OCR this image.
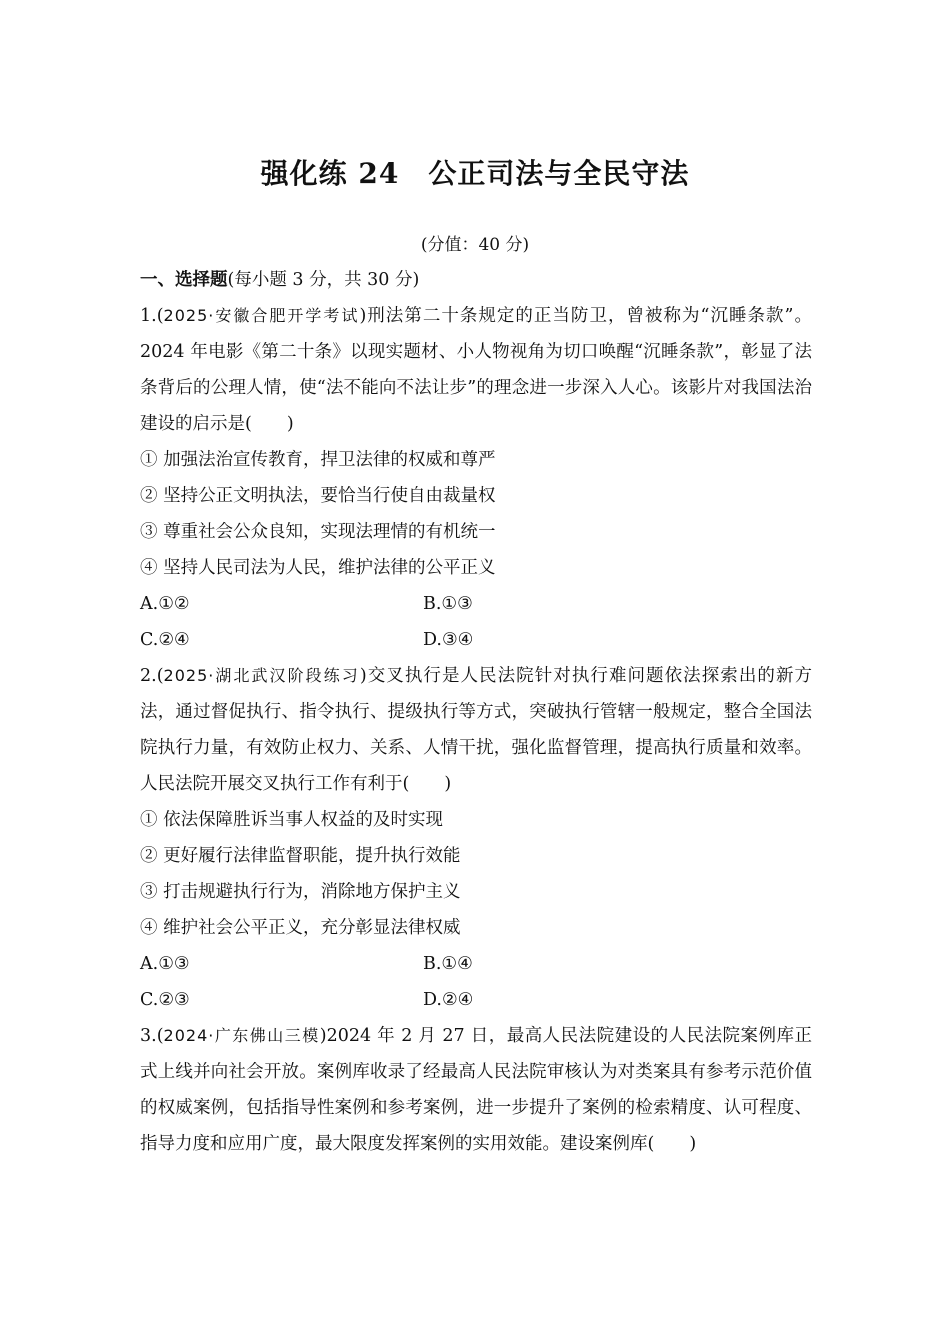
强化练 24　公正司法与全民守法
(分值：40 分)
一、选择题(每小题 3 分，共 30 分)
1.(2025·安徽合肥开学考试)刑法第二十条规定的正当防卫，曾被称为“沉睡条款”。2024 年电影《第二十条》以现实题材、小人物视角为切口唤醒“沉睡条款”，彰显了法条背后的公理人情，使“法不能向不法让步”的理念进一步深入人心。该影片对我国法治建设的启示是(　　)
① 加强法治宣传教育，捍卫法律的权威和尊严
② 坚持公正文明执法，要恰当行使自由裁量权
③ 尊重社会公众良知，实现法理情的有机统一
④ 坚持人民司法为人民，维护法律的公平正义
A.①②	B.①③
C.②④	D.③④
2.(2025·湖北武汉阶段练习)交叉执行是人民法院针对执行难问题依法探索出的新方法，通过督促执行、指令执行、提级执行等方式，突破执行管辖一般规定，整合全国法院执行力量，有效防止权力、关系、人情干扰，强化监督管理，提高执行质量和效率。人民法院开展交叉执行工作有利于(　　)
① 依法保障胜诉当事人权益的及时实现
② 更好履行法律监督职能，提升执行效能
③ 打击规避执行行为，消除地方保护主义
④ 维护社会公平正义，充分彰显法律权威
A.①③	B.①④
C.②③	D.②④
3.(2024·广东佛山三模)2024 年 2 月 27 日，最高人民法院建设的人民法院案例库正式上线并向社会开放。案例库收录了经最高人民法院审核认为对类案具有参考示范价值的权威案例，包括指导性案例和参考案例，进一步提升了案例的检索精度、认可程度、指导力度和应用广度，最大限度发挥案例的实用效能。建设案例库(　　)
